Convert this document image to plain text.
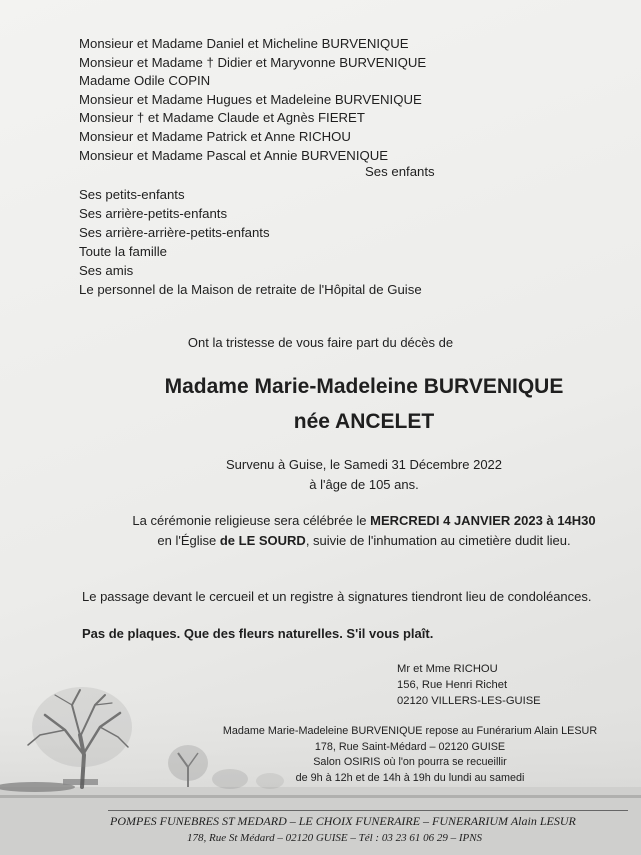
Monsieur et Madame Daniel et Micheline BURVENIQUE
Monsieur et Madame † Didier et Maryvonne BURVENIQUE
Madame Odile COPIN
Monsieur et Madame Hugues et Madeleine BURVENIQUE
Monsieur † et Madame Claude et Agnès FIERET
Monsieur et Madame Patrick et Anne RICHOU
Monsieur et Madame Pascal et Annie BURVENIQUE
Ses enfants
Ses petits-enfants
Ses arrière-petits-enfants
Ses arrière-arrière-petits-enfants
Toute la famille
Ses amis
Le personnel de la Maison de retraite de l'Hôpital de Guise
Ont la tristesse de vous faire part du décès de
Madame Marie-Madeleine BURVENIQUE
née ANCELET
Survenu à Guise, le Samedi 31 Décembre 2022
à l'âge de 105 ans.
La cérémonie religieuse sera célébrée le MERCREDI 4 JANVIER 2023 à 14H30
en l'Église de LE SOURD, suivie de l'inhumation au cimetière dudit lieu.
Le passage devant le cercueil et un registre à signatures tiendront lieu de condoléances.
Pas de plaques. Que des fleurs naturelles. S'il vous plaît.
Mr et Mme RICHOU
156, Rue Henri Richet
02120 VILLERS-LES-GUISE
Madame Marie-Madeleine BURVENIQUE repose au Funérarium Alain LESUR
178, Rue Saint-Médard – 02120 GUISE
Salon OSIRIS où l'on pourra se recueillir
de 9h à 12h et de 14h à 19h du lundi au samedi
POMPES FUNEBRES ST MEDARD – LE CHOIX FUNERAIRE – FUNERARIUM Alain LESUR
178, Rue St Médard – 02120 GUISE – Tél : 03 23 61 06 29 – IPNS
